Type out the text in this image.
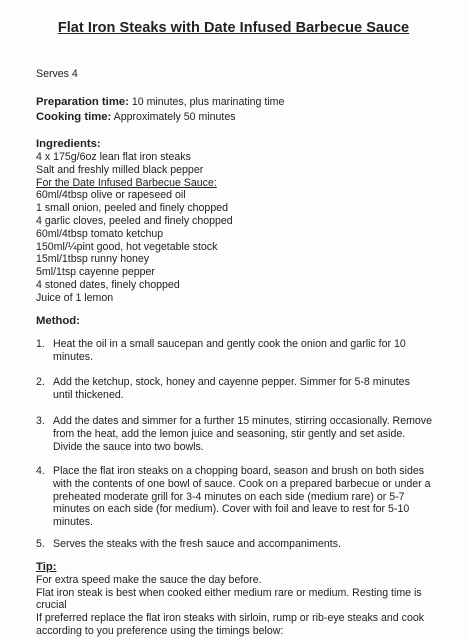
Flat Iron Steaks with Date Infused Barbecue Sauce
Serves 4
Preparation time: 10 minutes, plus marinating time
Cooking time: Approximately 50 minutes
Ingredients:
4 x 175g/6oz lean flat iron steaks
Salt and freshly milled black pepper
For the Date Infused Barbecue Sauce:
60ml/4tbsp olive or rapeseed oil
1 small onion, peeled and finely chopped
4 garlic cloves, peeled and finely chopped
60ml/4tbsp tomato ketchup
150ml/¼pint good, hot vegetable stock
15ml/1tbsp runny honey
5ml/1tsp cayenne pepper
4 stoned dates, finely chopped
Juice of 1 lemon
Method:
1. Heat the oil in a small saucepan and gently cook the onion and garlic for 10
minutes.
2. Add the ketchup, stock, honey and cayenne pepper. Simmer for 5-8 minutes
until thickened.
3. Add the dates and simmer for a further 15 minutes, stirring occasionally. Remove
from the heat, add the lemon juice and seasoning, stir gently and set aside.
Divide the sauce into two bowls.
4. Place the flat iron steaks on a chopping board, season and brush on both sides
with the contents of one bowl of sauce. Cook on a prepared barbecue or under a
preheated moderate grill for 3-4 minutes on each side (medium rare) or 5-7
minutes on each side (for medium). Cover with foil and leave to rest for 5-10
minutes.
5. Serves the steaks with the fresh sauce and accompaniments.
Tip:
For extra speed make the sauce the day before.
Flat iron steak is best when cooked either medium rare or medium. Resting time is
crucial
If preferred replace the flat iron steaks with sirloin, rump or rib-eye steaks and cook
according to you preference using the timings below:
